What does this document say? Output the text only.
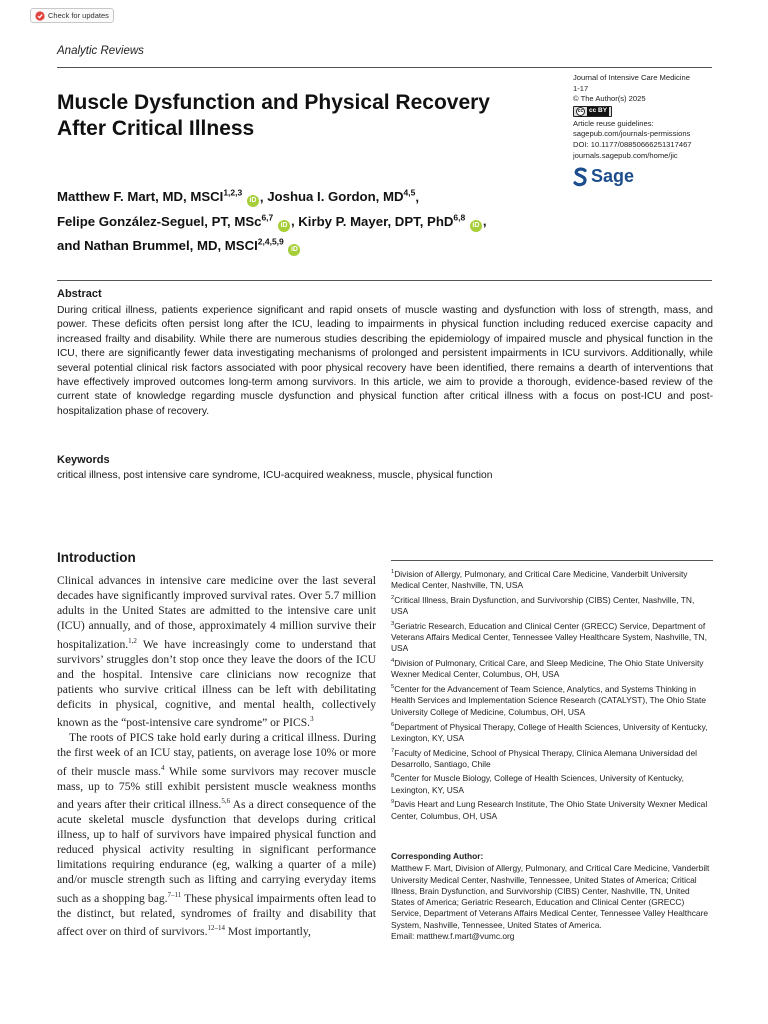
Check for updates
Analytic Reviews
Muscle Dysfunction and Physical Recovery After Critical Illness
Journal of Intensive Care Medicine
1-17
© The Author(s) 2025
cc cc BY
Article reuse guidelines:
sagepub.com/journals-permissions
DOI: 10.1177/08850666251317467
journals.sagepub.com/home/jic
Sage
Matthew F. Mart, MD, MSCI$^{1,2,3}$ iD , Joshua I. Gordon, MD$^{4,5}$,
Felipe González-Seguel, PT, MSc$^{6,7}$ iD , Kirby P. Mayer, DPT, PhD$^{6,8}$ iD ,
and Nathan Brummel, MD, MSCI$^{2,4,5,9}$ iD
Abstract

During critical illness, patients experience significant and rapid onsets of muscle wasting and dysfunction with loss of strength, mass, and power. These deficits often persist long after the ICU, leading to impairments in physical function including reduced exercise capacity and increased frailty and disability. While there are numerous studies describing the epidemiology of impaired muscle and physical function in the ICU, there are significantly fewer data investigating mechanisms of prolonged and persistent impairments in ICU survivors. Additionally, while several potential clinical risk factors associated with poor physical recovery have been identified, there remains a dearth of interventions that have effectively improved outcomes long-term among survivors. In this article, we aim to provide a thorough, evidence-based review of the current state of knowledge regarding muscle dysfunction and physical function after critical illness with a focus on post-ICU and post-hospitalization phase of recovery.

Keywords

critical illness, post intensive care syndrome, ICU-acquired weakness, muscle, physical function

Introduction

Clinical advances in intensive care medicine over the last several decades have significantly improved survival rates. Over 5.7 million adults in the United States are admitted to the intensive care unit (ICU) annually, and of those, approximately 4 million survive their hospitalization.$^{1,2}$ We have increasingly come to understand that survivors’ struggles don’t stop once they leave the doors of the ICU and the hospital. Intensive care clinicians now recognize that patients who survive critical illness can be left with debilitating deficits in physical, cognitive, and mental health, collectively known as the “post-intensive care syndrome” or PICS.$^3$

The roots of PICS take hold early during a critical illness. During the first week of an ICU stay, patients, on average lose 10% or more of their muscle mass.$^4$ While some survivors may recover muscle mass, up to 75% still exhibit persistent muscle weakness months and years after their critical illness.$^{5,6}$ As a direct consequence of the acute skeletal muscle dysfunction that develops during critical illness, up to half of survivors have impaired physical function and reduced physical activity resulting in significant performance limitations requiring endurance (eg, walking a quarter of a mile) and/or muscle strength such as lifting and carrying everyday items such as a shopping bag.$^{7-11}$ These physical impairments often lead to the distinct, but related, syndromes of frailty and disability that affect over on third of survivors.$^{12-14}$ Most importantly,

$^1$Division of Allergy, Pulmonary, and Critical Care Medicine, Vanderbilt University Medical Center, Nashville, TN, USA
$^2$Critical Illness, Brain Dysfunction, and Survivorship (CIBS) Center, Nashville, TN, USA
$^3$Geriatric Research, Education and Clinical Center (GRECC) Service, Department of Veterans Affairs Medical Center, Tennessee Valley Healthcare System, Nashville, TN, USA
$^4$Division of Pulmonary, Critical Care, and Sleep Medicine, The Ohio State University Wexner Medical Center, Columbus, OH, USA
$^5$Center for the Advancement of Team Science, Analytics, and Systems Thinking in Health Services and Implementation Science Research (CATALYST), The Ohio State University College of Medicine, Columbus, OH, USA
$^6$Department of Physical Therapy, College of Health Sciences, University of Kentucky, Lexington, KY, USA
$^7$Faculty of Medicine, School of Physical Therapy, Clínica Alemana Universidad del Desarrollo, Santiago, Chile
$^8$Center for Muscle Biology, College of Health Sciences, University of Kentucky, Lexington, KY, USA
$^9$Davis Heart and Lung Research Institute, The Ohio State University Wexner Medical Center, Columbus, OH, USA
Corresponding Author:
Matthew F. Mart, Division of Allergy, Pulmonary, and Critical Care Medicine, Vanderbilt University Medical Center, Nashville, Tennessee, United States of America; Critical Illness, Brain Dysfunction, and Survivorship (CIBS) Center, Nashville, TN, United States of America; Geriatric Research, Education and Clinical Center (GRECC) Service, Department of Veterans Affairs Medical Center, Tennessee Valley Healthcare System, Nashville, Tennessee, United States of America.
Email: matthew.f.mart@vumc.org
